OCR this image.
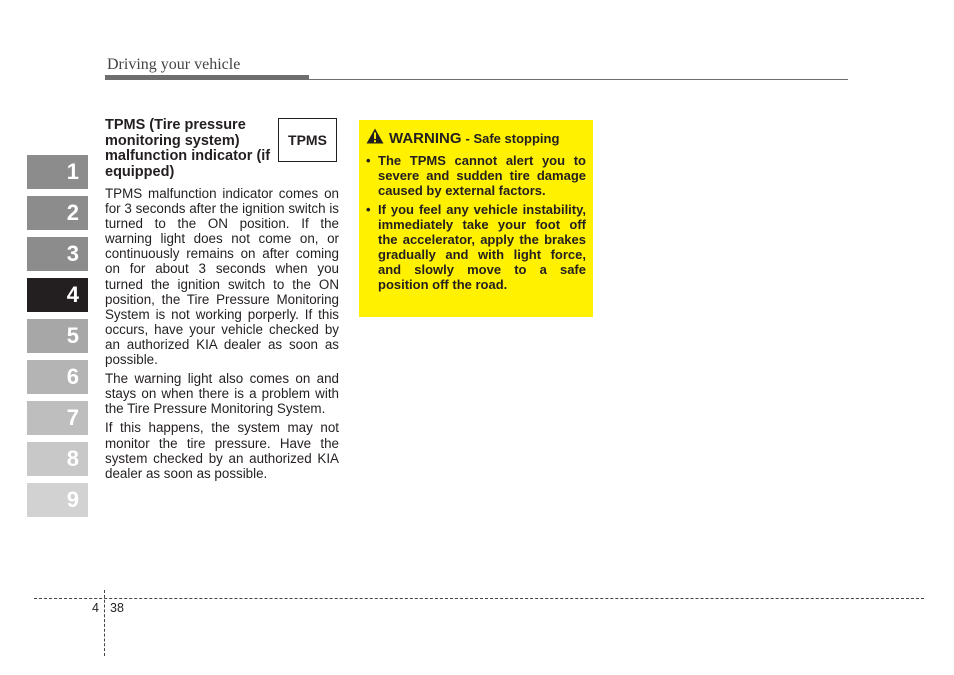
Driving your vehicle
1
2
3
4
5
6
7
8
9
TPMS (Tire pressure monitoring system) malfunction indicator (if equipped)
TPMS

TPMS malfunction indicator comes on for 3 seconds after the ignition switch is turned to the ON position. If the warning light does not come on, or continuously remains on after coming on for about 3 seconds when you turned the ignition switch to the ON position, the Tire Pressure Monitoring System is not working porperly. If this occurs, have your vehicle checked by an authorized KIA dealer as soon as possible.

The warning light also comes on and stays on when there is a problem with the Tire Pressure Monitoring System.

If this happens, the system may not monitor the tire pressure. Have the system checked by an authorized KIA dealer as soon as possible.

WARNING - Safe stopping
• The TPMS cannot alert you to severe and sudden tire damage caused by external factors.
• If you feel any vehicle instability, immediately take your foot off the accelerator, apply the brakes gradually and with light force, and slowly move to a safe position off the road.
4 38
